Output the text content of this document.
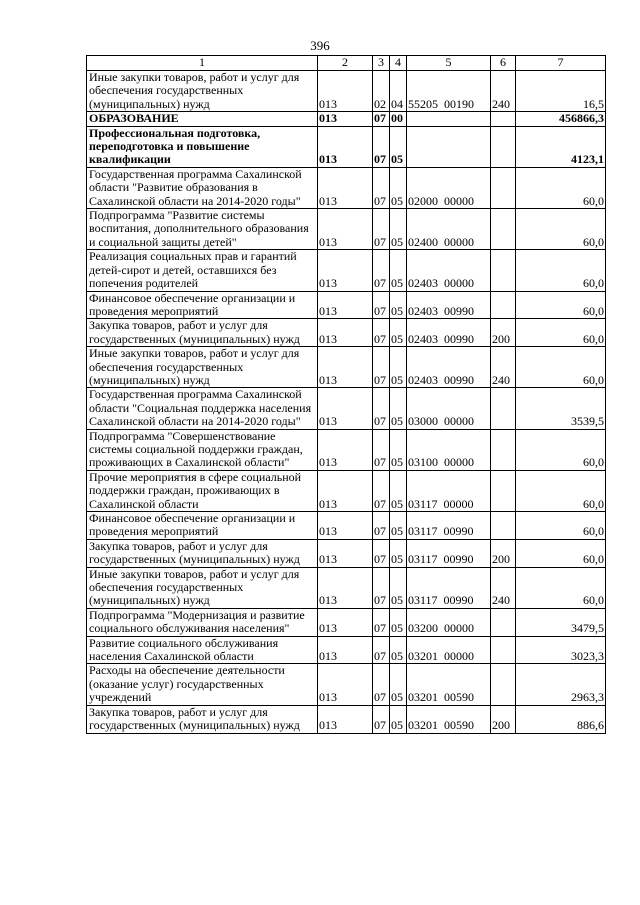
396
1	2	3	4	5	6	7
Иные закупки товаров, работ и услуг для обеспечения государственных (муниципальных) нужд	013	02	04	55205  00190	240	16,5
ОБРАЗОВАНИЕ	013	07	00			456866,3
Профессиональная подготовка, переподготовка и повышение квалификации	013	07	05			4123,1
Государственная программа Сахалинской области "Развитие образования в Сахалинской области на 2014-2020 годы"	013	07	05	02000  00000		60,0
Подпрограмма "Развитие системы воспитания, дополнительного образования и социальной защиты детей"	013	07	05	02400  00000		60,0
Реализация социальных прав и гарантий детей-сирот и детей, оставшихся без попечения родителей	013	07	05	02403  00000		60,0
Финансовое обеспечение организации и проведения мероприятий	013	07	05	02403  00990		60,0
Закупка товаров, работ и услуг для государственных (муниципальных) нужд	013	07	05	02403  00990	200	60,0
Иные закупки товаров, работ и услуг для обеспечения государственных (муниципальных) нужд	013	07	05	02403  00990	240	60,0
Государственная программа Сахалинской области "Социальная поддержка населения Сахалинской области на 2014-2020 годы"	013	07	05	03000  00000		3539,5
Подпрограмма "Совершенствование системы социальной поддержки граждан, проживающих в Сахалинской области"	013	07	05	03100  00000		60,0
Прочие мероприятия в сфере социальной поддержки граждан, проживающих в Сахалинской области	013	07	05	03117  00000		60,0
Финансовое обеспечение организации и проведения мероприятий	013	07	05	03117  00990		60,0
Закупка товаров, работ и услуг для государственных (муниципальных) нужд	013	07	05	03117  00990	200	60,0
Иные закупки товаров, работ и услуг для обеспечения государственных (муниципальных) нужд	013	07	05	03117  00990	240	60,0
Подпрограмма "Модернизация и развитие социального обслуживания населения"	013	07	05	03200  00000		3479,5
Развитие социального обслуживания населения Сахалинской области	013	07	05	03201  00000		3023,3
Расходы на обеспечение деятельности (оказание услуг) государственных учреждений	013	07	05	03201  00590		2963,3
Закупка товаров, работ и услуг для государственных (муниципальных) нужд	013	07	05	03201  00590	200	886,6
